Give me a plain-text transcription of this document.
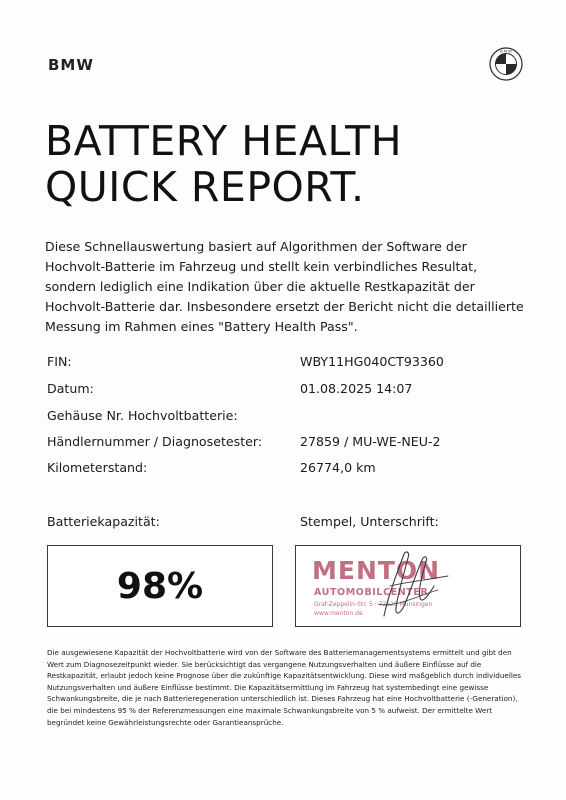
BMW
B M W
BATTERY HEALTH
QUICK REPORT.

Diese Schnellauswertung basiert auf Algorithmen der Software der Hochvolt-Batterie im Fahrzeug und stellt kein verbindliches Resultat, sondern lediglich eine Indikation über die aktuelle Restkapazität der Hochvolt-Batterie dar. Insbesondere ersetzt der Bericht nicht die detaillierte Messung im Rahmen eines "Battery Health Pass".

FIN:	WBY11HG040CT93360
Datum:	01.08.2025 14:07
Gehäuse Nr. Hochvoltbatterie:
Händlernummer / Diagnosetester:	27859 / MU-WE-NEU-2
Kilometerstand:	26774,0 km
Batteriekapazität:	Stempel, Unterschrift:
98%	MENTON
AUTOMOBILCENTER
Graf-Zeppelin-Str. 5 · 72525 Münsingen
www.menton.de

Die ausgewiesene Kapazität der Hochvoltbatterie wird von der Software des Batteriemanagementsystems ermittelt und gibt den Wert zum Diagnosezeitpunkt wieder. Sie berücksichtigt das vergangene Nutzungsverhalten und äußere Einflüsse auf die Restkapazität, erlaubt jedoch keine Prognose über die zukünftige Kapazitätsentwicklung. Diese wird maßgeblich durch individuelles Nutzungsverhalten und äußere Einflüsse bestimmt. Die Kapazitätsermittlung im Fahrzeug hat systembedingt eine gewisse Schwankungsbreite, die je nach Batterieregeneration unterschiedlich ist. Dieses Fahrzeug hat eine Hochvoltbatterie (-Generation), die bei mindestens 95 % der Referenzmessungen eine maximale Schwankungsbreite von 5 % aufweist. Der ermittelte Wert begründet keine Gewährleistungsrechte oder Garantieansprüche.
